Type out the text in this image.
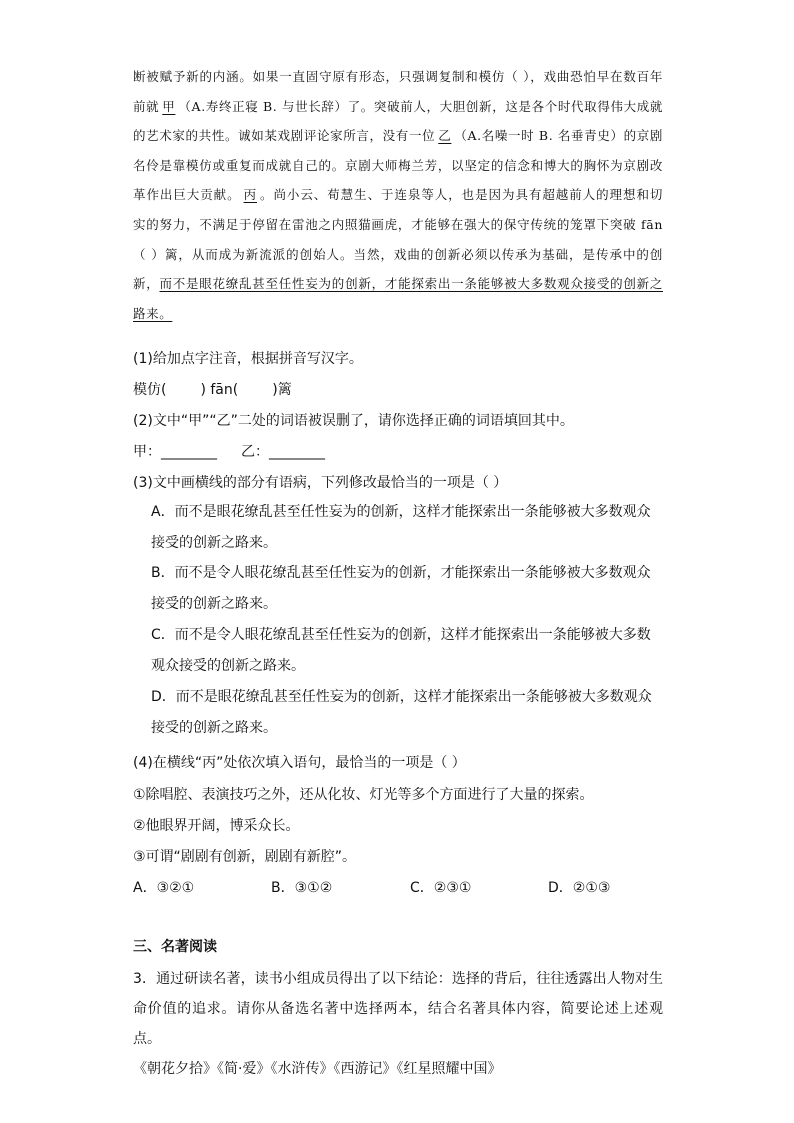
断被赋予新的内涵。如果一直固守原有形态，只强调复制和模仿（ ），戏曲恐怕早在数百年前就 甲 （A.寿终正寝 B. 与世长辞）了。突破前人，大胆创新，这是各个时代取得伟大成就的艺术家的共性。诚如某戏剧评论家所言，没有一位 乙 （A.名噪一时 B. 名垂青史）的京剧名伶是靠模仿或重复而成就自己的。京剧大师梅兰芳，以坚定的信念和博大的胸怀为京剧改革作出巨大贡献。 丙 。尚小云、荀慧生、于连泉等人，也是因为具有超越前人的理想和切实的努力，不满足于停留在雷池之内照猫画虎，才能够在强大的保守传统的笼罩下突破 fān（ ）篱，从而成为新流派的创始人。当然，戏曲的创新必须以传承为基础，是传承中的创新，而不是眼花缭乱甚至任性妄为的创新，才能探索出一条能够被大多数观众接受的创新之路来。
(1)给加点字注音，根据拼音写汉字。
模仿( ) fān( )篱
(2)文中“甲”“乙”二处的词语被误删了，请你选择正确的词语填回其中。
甲：________ 乙：________
(3)文中画横线的部分有语病，下列修改最恰当的一项是（ ）
A．而不是眼花缭乱甚至任性妄为的创新，这样才能探索出一条能够被大多数观众接受的创新之路来。
B．而不是令人眼花缭乱甚至任性妄为的创新，才能探索出一条能够被大多数观众接受的创新之路来。
C．而不是令人眼花缭乱甚至任性妄为的创新，这样才能探索出一条能够被大多数观众接受的创新之路来。
D．而不是眼花缭乱甚至任性妄为的创新，这样才能探索出一条能够被大多数观众接受的创新之路来。
(4)在横线“丙”处依次填入语句，最恰当的一项是（ ）
①除唱腔、表演技巧之外，还从化妆、灯光等多个方面进行了大量的探索。
②他眼界开阔，博采众长。
③可谓“剧剧有创新，剧剧有新腔”。
A．③②①	B．③①②	C．②③①	D．②①③
三、名著阅读
3．通过研读名著，读书小组成员得出了以下结论：选择的背后，往往透露出人物对生命价值的追求。请你从备选名著中选择两本，结合名著具体内容，简要论述上述观点。
《朝花夕拾》《简·爱》《水浒传》《西游记》《红星照耀中国》
